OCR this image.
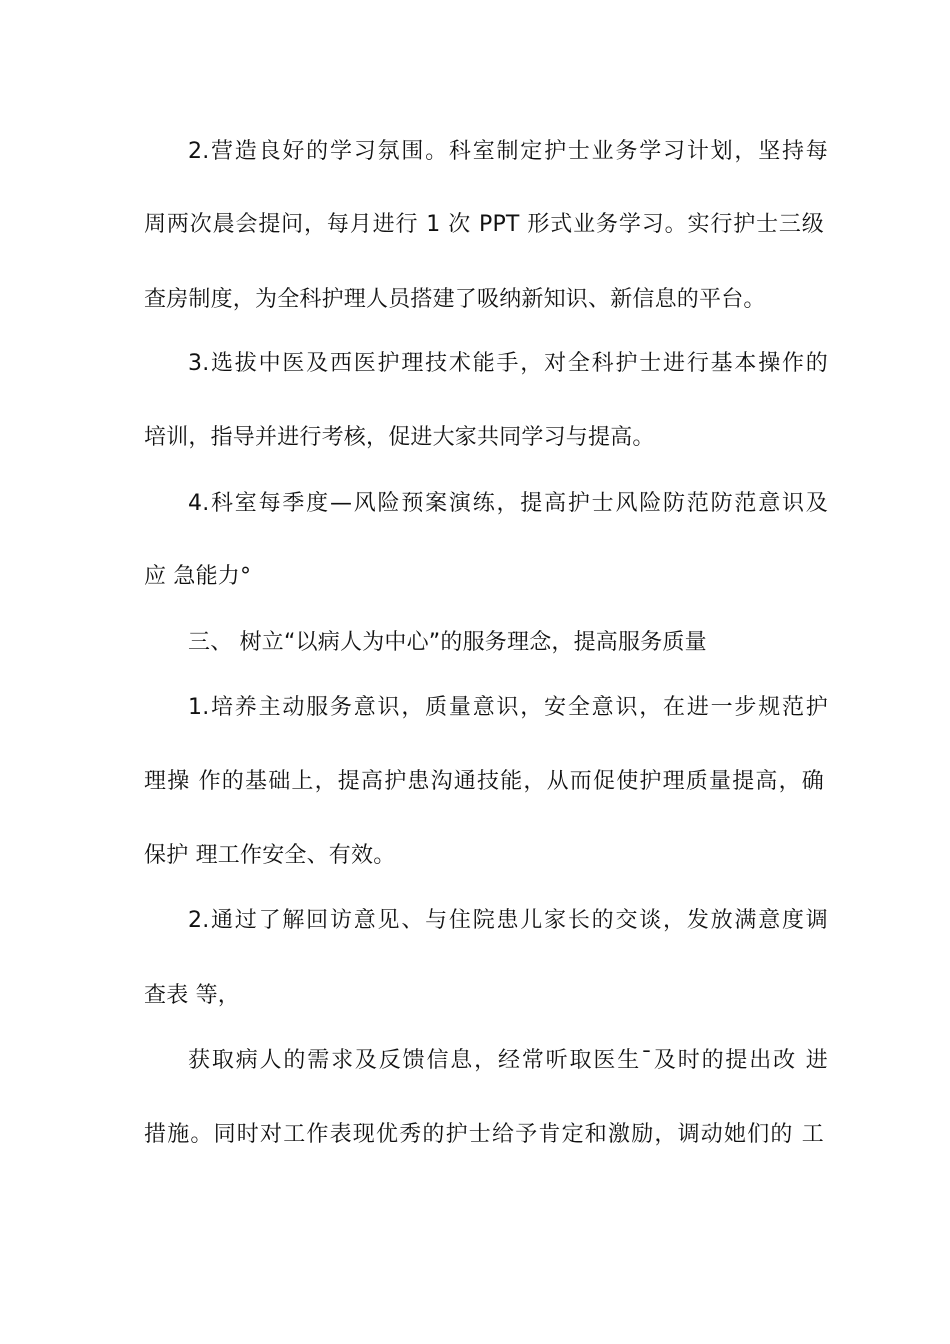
2.营造良好的学习氛围。科室制定护士业务学习计划，坚持每
周两次晨会提问，每月进行 1 次 PPT 形式业务学习。实行护士三级
查房制度，为全科护理人员搭建了吸纳新知识、新信息的平台。
3.选拔中医及西医护理技术能手，对全科护士进行基本操作的
培训，指导并进行考核，促进大家共同学习与提高。
4.科室每季度—风险预案演练，提高护士风险防范防范意识及
应 急能力°
三、 树立“以病人为中心”的服务理念，提高服务质量
1.培养主动服务意识，质量意识，安全意识，在进一步规范护
理操 作的基础上，提高护患沟通技能，从而促使护理质量提高，确
保护 理工作安全、有效。
2.通过了解回访意见、与住院患儿家长的交谈，发放满意度调
查表 等，
获取病人的需求及反馈信息，经常听取医生¯及时的提出改 进
措施。同时对工作表现优秀的护士给予肯定和激励，调动她们的 工
